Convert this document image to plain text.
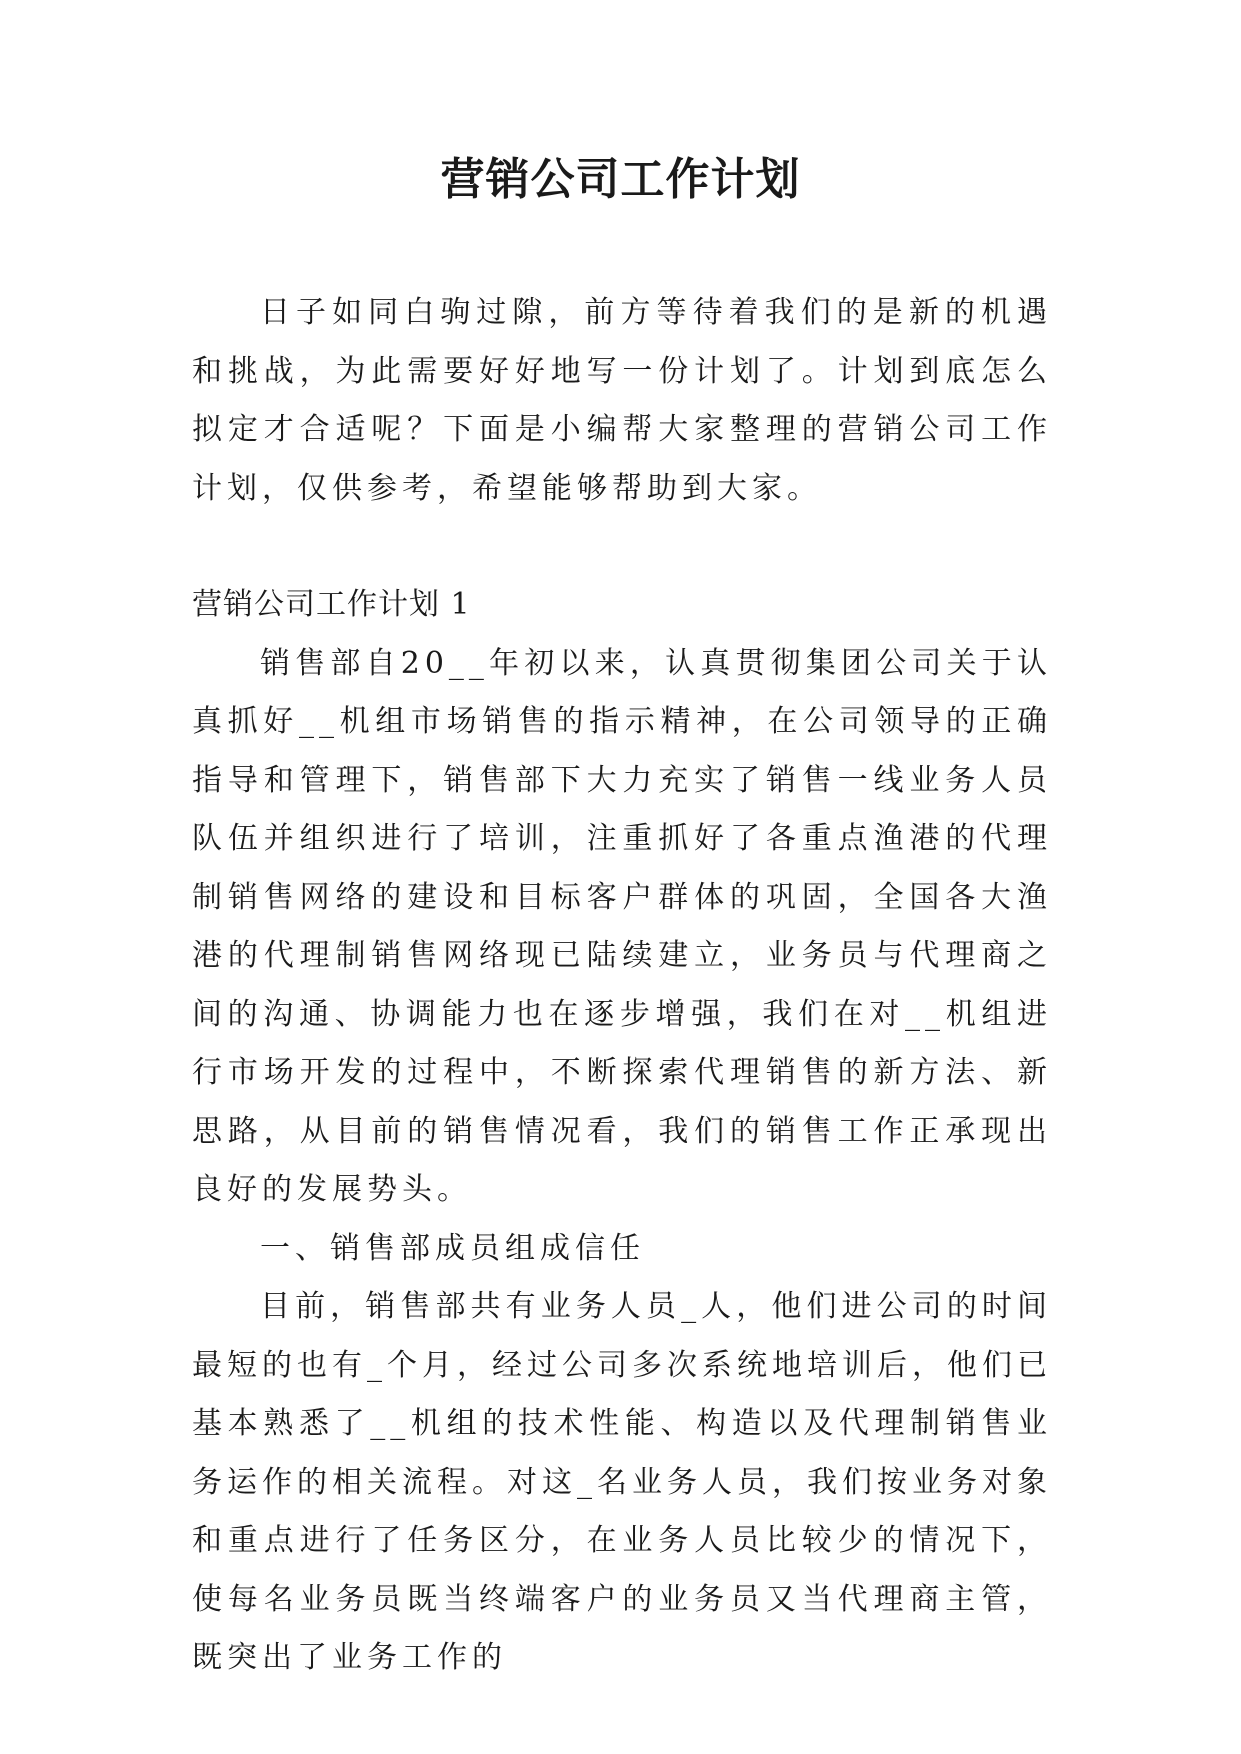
营销公司工作计划

日子如同白驹过隙，前方等待着我们的是新的机遇和挑战，为此需要好好地写一份计划了。计划到底怎么拟定才合适呢？下面是小编帮大家整理的营销公司工作计划，仅供参考，希望能够帮助到大家。

营销公司工作计划 1

销售部自20__年初以来，认真贯彻集团公司关于认真抓好__机组市场销售的指示精神，在公司领导的正确指导和管理下，销售部下大力充实了销售一线业务人员队伍并组织进行了培训，注重抓好了各重点渔港的代理制销售网络的建设和目标客户群体的巩固，全国各大渔港的代理制销售网络现已陆续建立，业务员与代理商之间的沟通、协调能力也在逐步增强，我们在对__机组进行市场开发的过程中，不断探索代理销售的新方法、新思路，从目前的销售情况看，我们的销售工作正承现出良好的发展势头。

一、销售部成员组成信任

目前，销售部共有业务人员_人，他们进公司的时间最短的也有_个月，经过公司多次系统地培训后，他们已基本熟悉了__机组的技术性能、构造以及代理制销售业务运作的相关流程。对这_名业务人员，我们按业务对象和重点进行了任务区分，在业务人员比较少的情况下，使每名业务员既当终端客户的业务员又当代理商主管，既突出了业务工作的
